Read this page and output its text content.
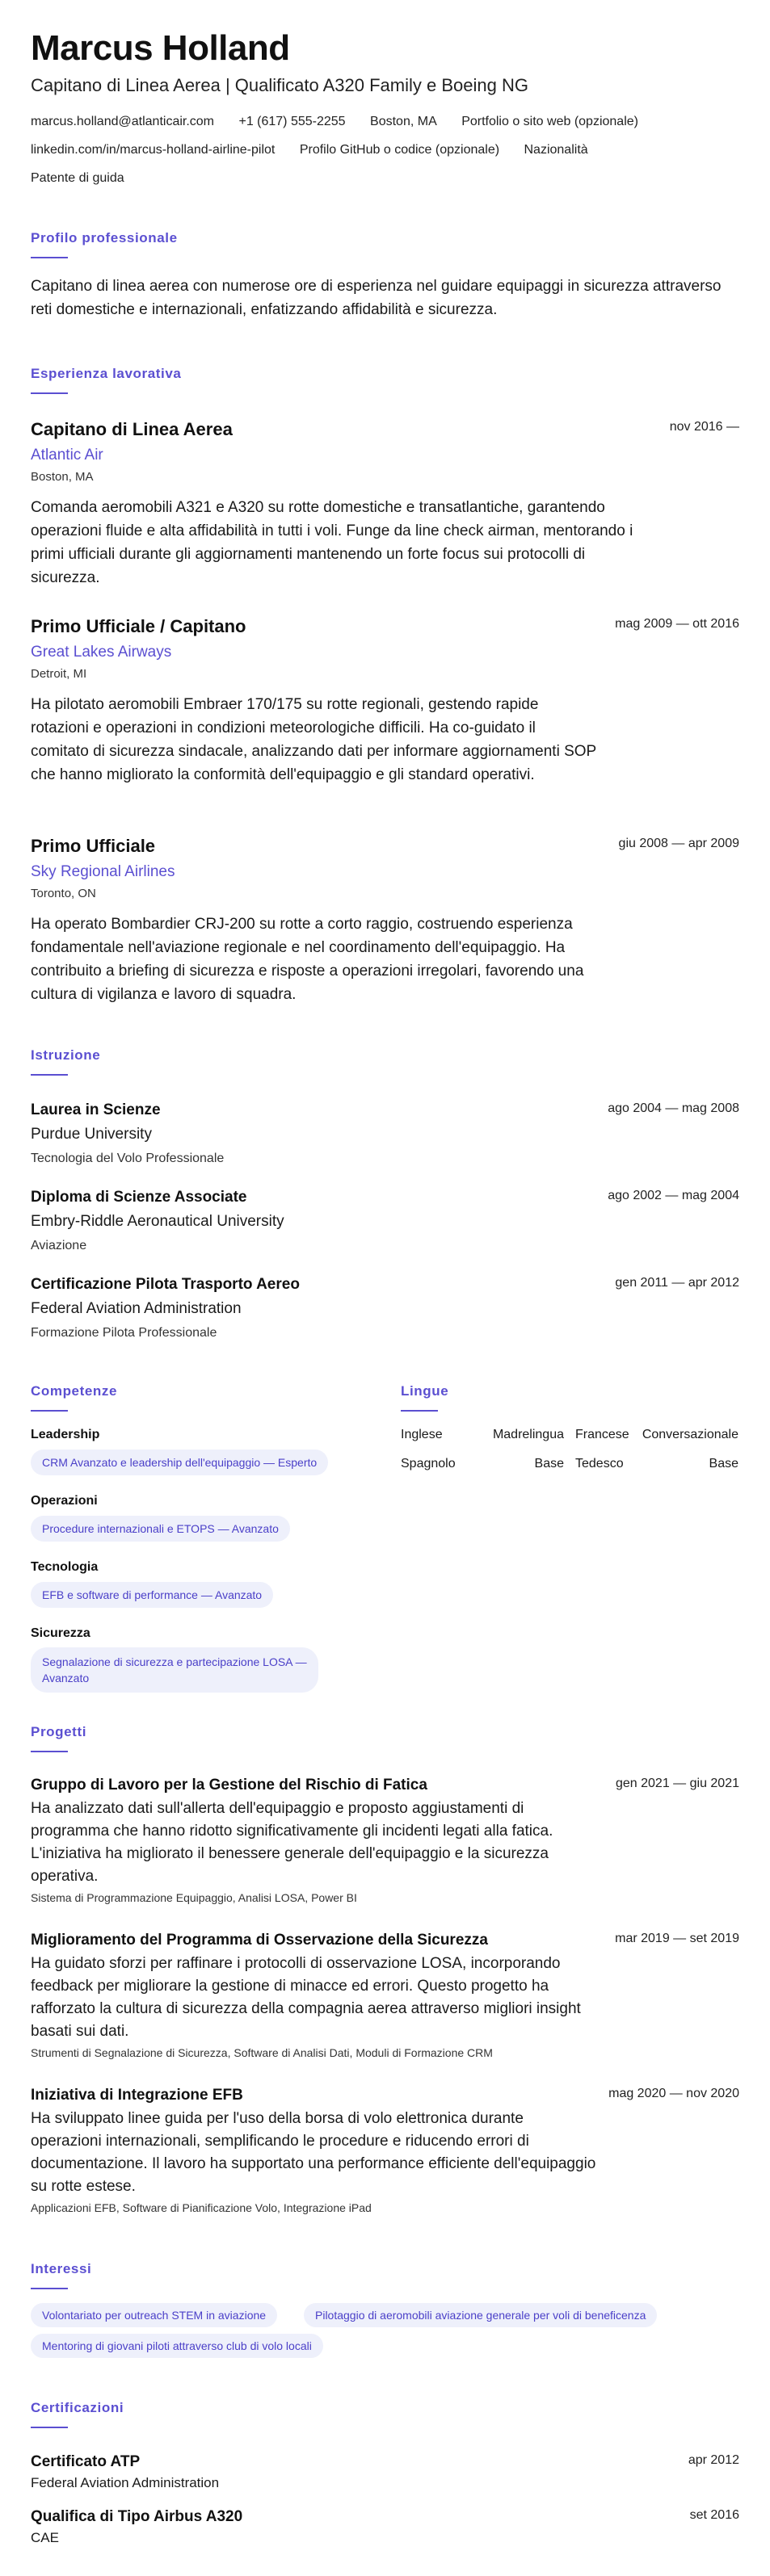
Marcus Holland
Capitano di Linea Aerea | Qualificato A320 Family e Boeing NG
marcus.holland@atlanticair.com +1 (617) 555-2255 Boston, MA Portfolio o sito web (opzionale)
linkedin.com/in/marcus-holland-airline-pilot Profilo GitHub o codice (opzionale) Nazionalità
Patente di guida
Profilo professionale
Capitano di linea aerea con numerose ore di esperienza nel guidare equipaggi in sicurezza attraverso reti domestiche e internazionali, enfatizzando affidabilità e sicurezza.
Esperienza lavorativa
Capitano di Linea Aerea	nov 2016 —
Atlantic Air
Boston, MA
Comanda aeromobili A321 e A320 su rotte domestiche e transatlantiche, garantendo operazioni fluide e alta affidabilità in tutti i voli. Funge da line check airman, mentorando i primi ufficiali durante gli aggiornamenti mantenendo un forte focus sui protocolli di sicurezza.
Primo Ufficiale / Capitano	mag 2009 — ott 2016
Great Lakes Airways
Detroit, MI
Ha pilotato aeromobili Embraer 170/175 su rotte regionali, gestendo rapide rotazioni e operazioni in condizioni meteorologiche difficili. Ha co-guidato il comitato di sicurezza sindacale, analizzando dati per informare aggiornamenti SOP che hanno migliorato la conformità dell'equipaggio e gli standard operativi.
Primo Ufficiale	giu 2008 — apr 2009
Sky Regional Airlines
Toronto, ON
Ha operato Bombardier CRJ-200 su rotte a corto raggio, costruendo esperienza fondamentale nell'aviazione regionale e nel coordinamento dell'equipaggio. Ha contribuito a briefing di sicurezza e risposte a operazioni irregolari, favorendo una cultura di vigilanza e lavoro di squadra.
Istruzione
Laurea in Scienze	ago 2004 — mag 2008
Purdue University
Tecnologia del Volo Professionale
Diploma di Scienze Associate	ago 2002 — mag 2004
Embry-Riddle Aeronautical University
Aviazione
Certificazione Pilota Trasporto Aereo	gen 2011 — apr 2012
Federal Aviation Administration
Formazione Pilota Professionale
Competenze
Leadership
CRM Avanzato e leadership dell'equipaggio — Esperto
Operazioni
Procedure internazionali e ETOPS — Avanzato
Tecnologia
EFB e software di performance — Avanzato
Sicurezza
Segnalazione di sicurezza e partecipazione LOSA —
Avanzato
Lingue
Inglese	Madrelingua Francese	Conversazionale
Spagnolo	Base Tedesco	Base
Progetti
Gruppo di Lavoro per la Gestione del Rischio di Fatica	gen 2021 — giu 2021
Ha analizzato dati sull'allerta dell'equipaggio e proposto aggiustamenti di programma che hanno ridotto significativamente gli incidenti legati alla fatica. L'iniziativa ha migliorato il benessere generale dell'equipaggio e la sicurezza operativa.
Sistema di Programmazione Equipaggio, Analisi LOSA, Power BI
Miglioramento del Programma di Osservazione della Sicurezza	mar 2019 — set 2019
Ha guidato sforzi per raffinare i protocolli di osservazione LOSA, incorporando feedback per migliorare la gestione di minacce ed errori. Questo progetto ha rafforzato la cultura di sicurezza della compagnia aerea attraverso migliori insight basati sui dati.
Strumenti di Segnalazione di Sicurezza, Software di Analisi Dati, Moduli di Formazione CRM
Iniziativa di Integrazione EFB	mag 2020 — nov 2020
Ha sviluppato linee guida per l'uso della borsa di volo elettronica durante operazioni internazionali, semplificando le procedure e riducendo errori di documentazione. Il lavoro ha supportato una performance efficiente dell'equipaggio su rotte estese.
Applicazioni EFB, Software di Pianificazione Volo, Integrazione iPad
Interessi
Volontariato per outreach STEM in aviazione	Pilotaggio di aeromobili aviazione generale per voli di beneficenza
Mentoring di giovani piloti attraverso club di volo locali
Certificazioni
Certificato ATP	apr 2012
Federal Aviation Administration
Qualifica di Tipo Airbus A320	set 2016
CAE
